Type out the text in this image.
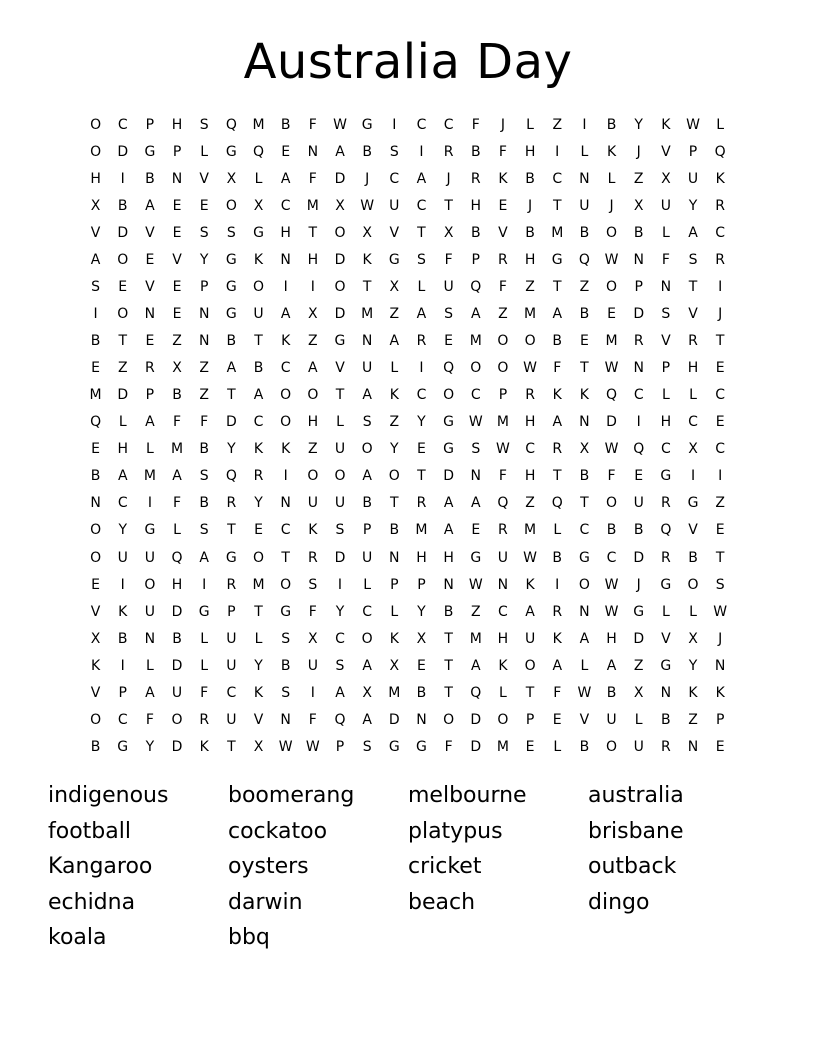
Australia Day
O	C	P	H	S	Q	M	B	F	W	G	I	C	C	F	J	L	Z	I	B	Y	K	W	L
O	D	G	P	L	G	Q	E	N	A	B	S	I	R	B	F	H	I	L	K	J	V	P	Q
H	I	B	N	V	X	L	A	F	D	J	C	A	J	R	K	B	C	N	L	Z	X	U	K
X	B	A	E	E	O	X	C	M	X	W	U	C	T	H	E	J	T	U	J	X	U	Y	R
V	D	V	E	S	S	G	H	T	O	X	V	T	X	B	V	B	M	B	O	B	L	A	C
A	O	E	V	Y	G	K	N	H	D	K	G	S	F	P	R	H	G	Q	W	N	F	S	R
S	E	V	E	P	G	O	I	I	O	T	X	L	U	Q	F	Z	T	Z	O	P	N	T	I
I	O	N	E	N	G	U	A	X	D	M	Z	A	S	A	Z	M	A	B	E	D	S	V	J
B	T	E	Z	N	B	T	K	Z	G	N	A	R	E	M	O	O	B	E	M	R	V	R	T
E	Z	R	X	Z	A	B	C	A	V	U	L	I	Q	O	O	W	F	T	W	N	P	H	E
M	D	P	B	Z	T	A	O	O	T	A	K	C	O	C	P	R	K	K	Q	C	L	L	C
Q	L	A	F	F	D	C	O	H	L	S	Z	Y	G	W	M	H	A	N	D	I	H	C	E
E	H	L	M	B	Y	K	K	Z	U	O	Y	E	G	S	W	C	R	X	W	Q	C	X	C
B	A	M	A	S	Q	R	I	O	O	A	O	T	D	N	F	H	T	B	F	E	G	I	I
N	C	I	F	B	R	Y	N	U	U	B	T	R	A	A	Q	Z	Q	T	O	U	R	G	Z
O	Y	G	L	S	T	E	C	K	S	P	B	M	A	E	R	M	L	C	B	B	Q	V	E
O	U	U	Q	A	G	O	T	R	D	U	N	H	H	G	U	W	B	G	C	D	R	B	T
E	I	O	H	I	R	M	O	S	I	L	P	P	N	W	N	K	I	O	W	J	G	O	S
V	K	U	D	G	P	T	G	F	Y	C	L	Y	B	Z	C	A	R	N	W	G	L	L	W
X	B	N	B	L	U	L	S	X	C	O	K	X	T	M	H	U	K	A	H	D	V	X	J
K	I	L	D	L	U	Y	B	U	S	A	X	E	T	A	K	O	A	L	A	Z	G	Y	N
V	P	A	U	F	C	K	S	I	A	X	M	B	T	Q	L	T	F	W	B	X	N	K	K
O	C	F	O	R	U	V	N	F	Q	A	D	N	O	D	O	P	E	V	U	L	B	Z	P
B	G	Y	D	K	T	X	W W	P	S	G	G	F	D	M	E	L	B	O	U	R	N	E
indigenous	boomerang	melbourne	australia
football	cockatoo	platypus	brisbane
Kangaroo	oysters	cricket	outback
echidna	darwin	beach	dingo
koala	bbq
